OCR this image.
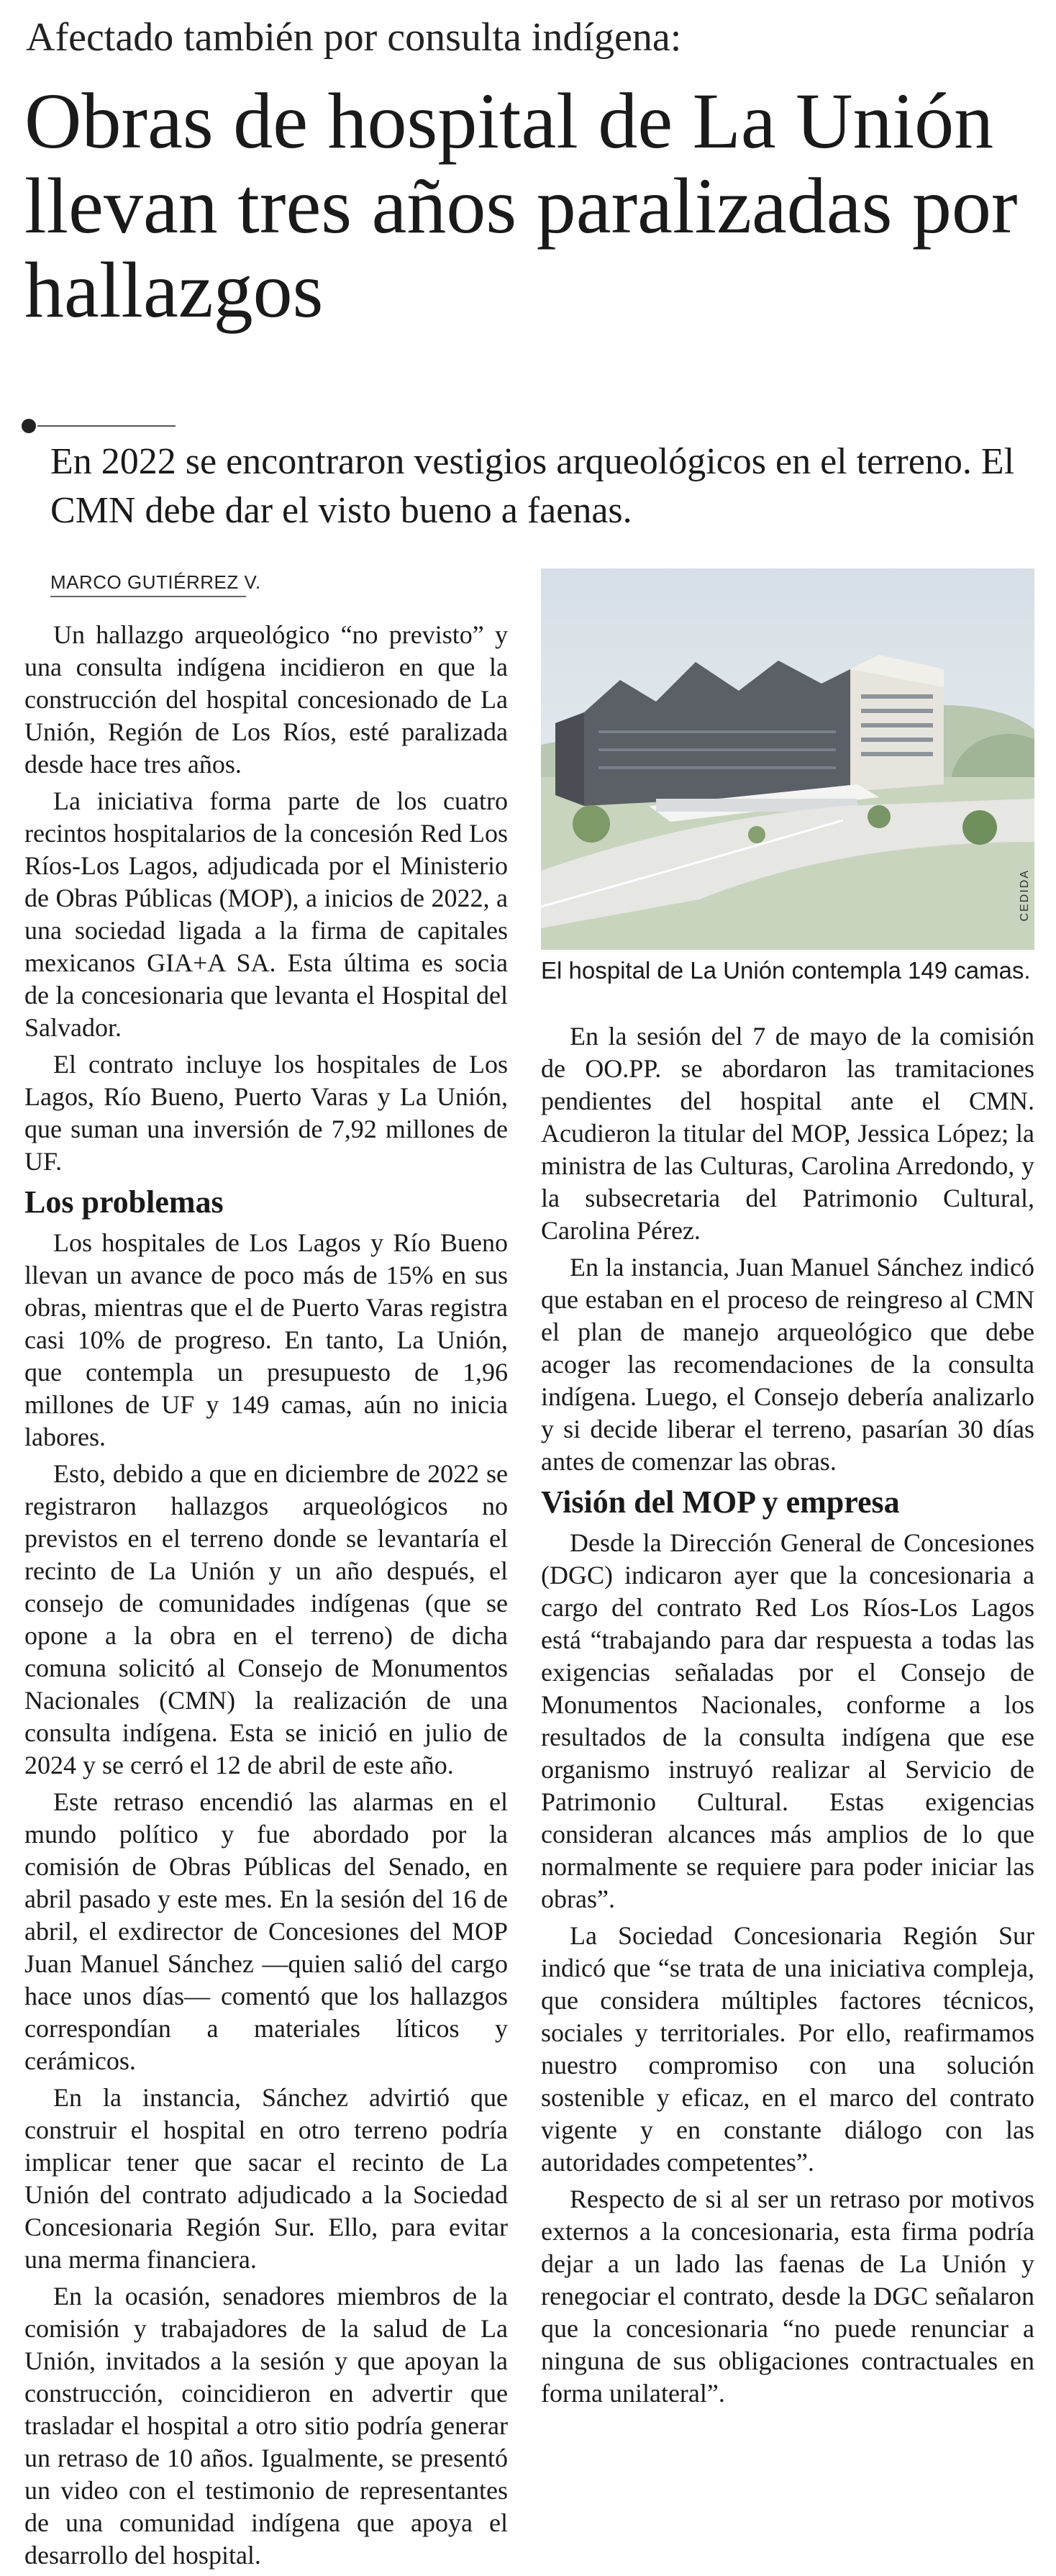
Afectado también por consulta indígena:
Obras de hospital de La Unión llevan tres años paralizadas por hallazgos
En 2022 se encontraron vestigios arqueológicos en el terreno. El CMN debe dar el visto bueno a faenas.
MARCO GUTIÉRREZ V.
CEDIDA
El hospital de La Unión contempla 149 camas.

Un hallazgo arqueológico “no previsto” y una consulta indígena incidieron en que la construcción del hospital concesionado de La Unión, Región de Los Ríos, esté paralizada desde hace tres años.

La iniciativa forma parte de los cuatro recintos hospitalarios de la concesión Red Los Ríos-Los Lagos, adjudicada por el Ministerio de Obras Públicas (MOP), a inicios de 2022, a una sociedad ligada a la firma de capitales mexicanos GIA+A SA. Esta última es socia de la concesionaria que levanta el Hospital del Salvador.

El contrato incluye los hospitales de Los Lagos, Río Bueno, Puerto Varas y La Unión, que suman una inversión de 7,92 millones de UF.

Los problemas

Los hospitales de Los Lagos y Río Bueno llevan un avance de poco más de 15% en sus obras, mientras que el de Puerto Varas registra casi 10% de progreso. En tanto, La Unión, que contempla un presupuesto de 1,96 millones de UF y 149 camas, aún no inicia labores.

Esto, debido a que en diciembre de 2022 se registraron hallazgos arqueológicos no previstos en el terreno donde se levantaría el recinto de La Unión y un año después, el consejo de comunidades indígenas (que se opone a la obra en el terreno) de dicha comuna solicitó al Consejo de Monumentos Nacionales (CMN) la realización de una consulta indígena. Esta se inició en julio de 2024 y se cerró el 12 de abril de este año.

Este retraso encendió las alarmas en el mundo político y fue abordado por la comisión de Obras Públicas del Senado, en abril pasado y este mes. En la sesión del 16 de abril, el exdirector de Concesiones del MOP Juan Manuel Sánchez —quien salió del cargo hace unos días— comentó que los hallazgos correspondían a materiales líticos y cerámicos.

En la instancia, Sánchez advirtió que construir el hospital en otro terreno podría implicar tener que sacar el recinto de La Unión del contrato adjudicado a la Sociedad Concesionaria Región Sur. Ello, para evitar una merma financiera.

En la ocasión, senadores miembros de la comisión y trabajadores de la salud de La Unión, invitados a la sesión y que apoyan la construcción, coincidieron en advertir que trasladar el hospital a otro sitio podría generar un retraso de 10 años. Igualmente, se presentó un video con el testimonio de representantes de una comunidad indígena que apoya el desarrollo del hospital.

En la sesión del 7 de mayo de la comisión de OO.PP. se abordaron las tramitaciones pendientes del hospital ante el CMN. Acudieron la titular del MOP, Jessica López; la ministra de las Culturas, Carolina Arredondo, y la subsecretaria del Patrimonio Cultural, Carolina Pérez.

En la instancia, Juan Manuel Sánchez indicó que estaban en el proceso de reingreso al CMN el plan de manejo arqueológico que debe acoger las recomendaciones de la consulta indígena. Luego, el Consejo debería analizarlo y si decide liberar el terreno, pasarían 30 días antes de comenzar las obras.

Visión del MOP y empresa

Desde la Dirección General de Concesiones (DGC) indicaron ayer que la concesionaria a cargo del contrato Red Los Ríos-Los Lagos está “trabajando para dar respuesta a todas las exigencias señaladas por el Consejo de Monumentos Nacionales, conforme a los resultados de la consulta indígena que ese organismo instruyó realizar al Servicio de Patrimonio Cultural. Estas exigencias consideran alcances más amplios de lo que normalmente se requiere para poder iniciar las obras”.

La Sociedad Concesionaria Región Sur indicó que “se trata de una iniciativa compleja, que considera múltiples factores técnicos, sociales y territoriales. Por ello, reafirmamos nuestro compromiso con una solución sostenible y eficaz, en el marco del contrato vigente y en constante diálogo con las autoridades competentes”.

Respecto de si al ser un retraso por motivos externos a la concesionaria, esta firma podría dejar a un lado las faenas de La Unión y renegociar el contrato, desde la DGC señalaron que la concesionaria “no puede renunciar a ninguna de sus obligaciones contractuales en forma unilateral”.
